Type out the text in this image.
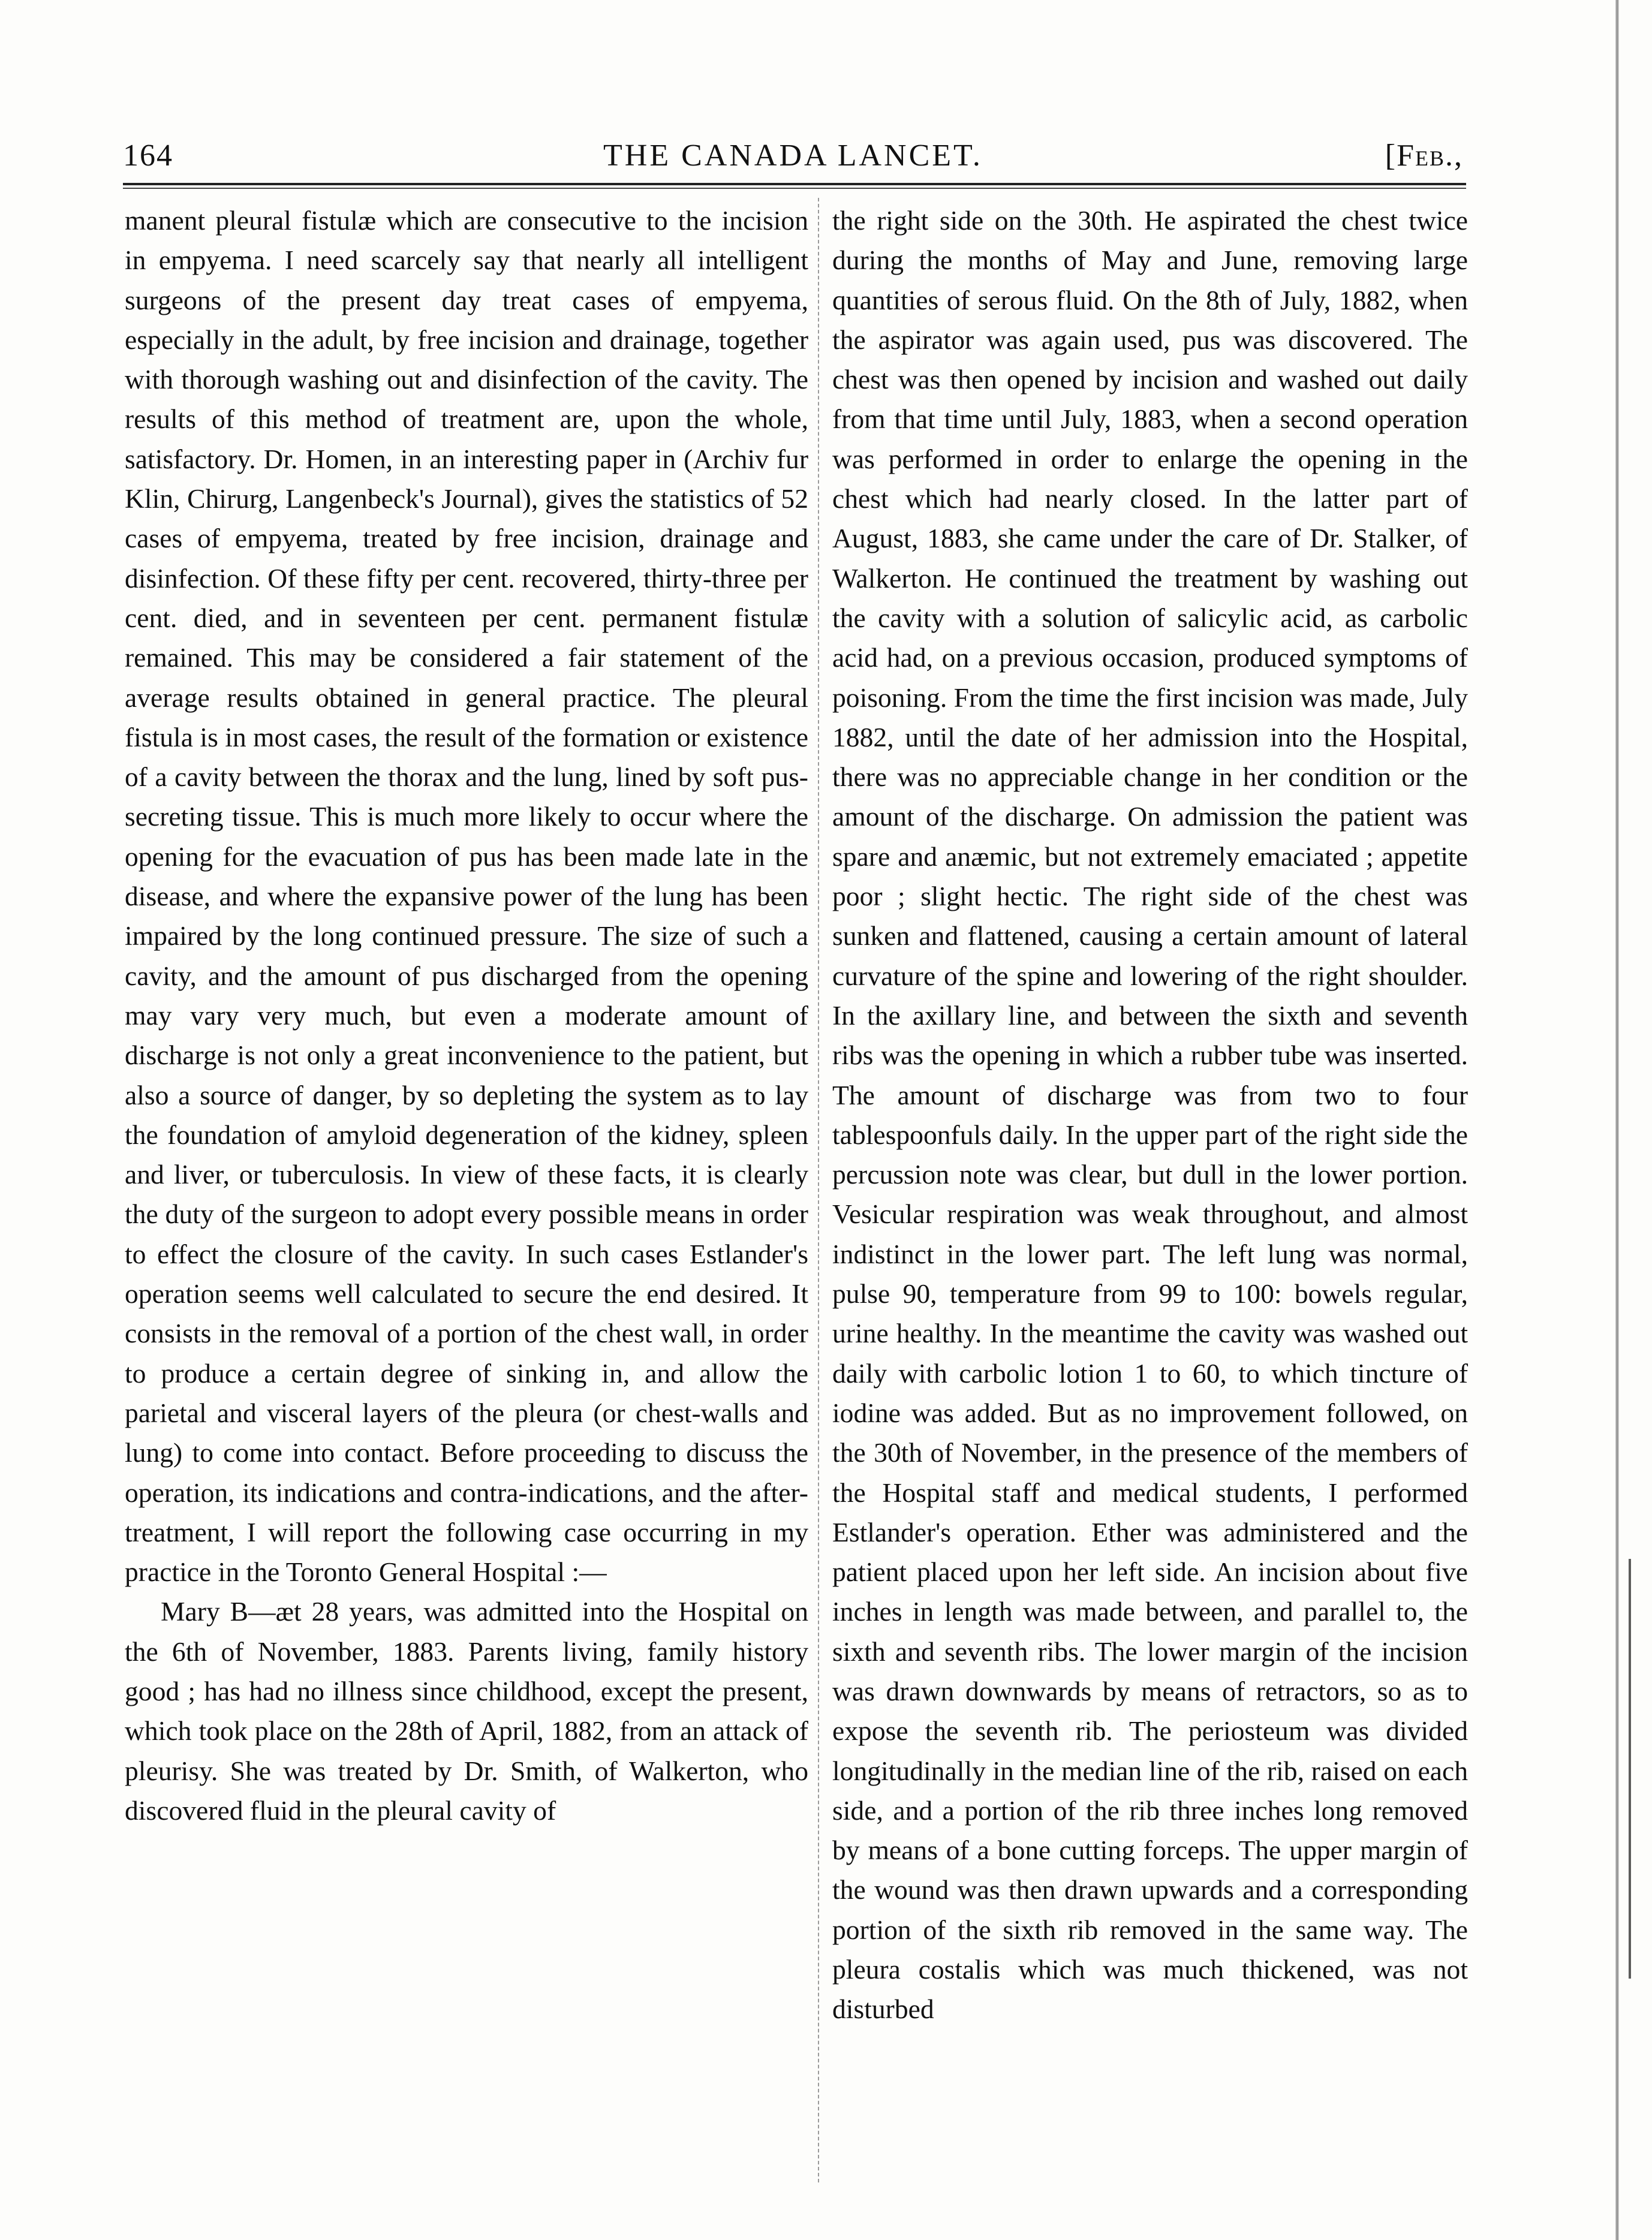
164	THE CANADA LANCET.	[Feb.,

manent pleural fistulæ which are consecutive to the incision in empyema. I need scarcely say that nearly all intelligent surgeons of the present day treat cases of empyema, especially in the adult, by free incision and drainage, together with thorough washing out and disinfection of the cavity. The results of this method of treatment are, upon the whole, satisfactory. Dr. Homen, in an interesting paper in (Archiv fur Klin, Chirurg, Langenbeck's Journal), gives the statistics of 52 cases of empyema, treated by free incision, drainage and disinfection. Of these fifty per cent. recovered, thirty-three per cent. died, and in seventeen per cent. permanent fistulæ remained. This may be considered a fair statement of the average results obtained in general practice. The pleural fistula is in most cases, the result of the formation or existence of a cavity between the thorax and the lung, lined by soft pus-secreting tissue. This is much more likely to occur where the opening for the evacuation of pus has been made late in the disease, and where the expansive power of the lung has been impaired by the long continued pressure. The size of such a cavity, and the amount of pus discharged from the opening may vary very much, but even a moderate amount of discharge is not only a great inconvenience to the patient, but also a source of danger, by so depleting the system as to lay the foundation of amyloid degeneration of the kidney, spleen and liver, or tuberculosis. In view of these facts, it is clearly the duty of the surgeon to adopt every possible means in order to effect the closure of the cavity. In such cases Estlander's operation seems well calculated to secure the end desired. It consists in the removal of a portion of the chest wall, in order to produce a certain degree of sinking in, and allow the parietal and visceral layers of the pleura (or chest-walls and lung) to come into contact. Before proceeding to discuss the operation, its indications and contra-indications, and the after-treatment, I will report the following case occurring in my practice in the Toronto General Hospital :—

Mary B—æt 28 years, was admitted into the Hospital on the 6th of November, 1883. Parents living, family history good ; has had no illness since childhood, except the present, which took place on the 28th of April, 1882, from an attack of pleurisy. She was treated by Dr. Smith, of Walkerton, who discovered fluid in the pleural cavity of

the right side on the 30th. He aspirated the chest twice during the months of May and June, removing large quantities of serous fluid. On the 8th of July, 1882, when the aspirator was again used, pus was discovered. The chest was then opened by incision and washed out daily from that time until July, 1883, when a second operation was performed in order to enlarge the opening in the chest which had nearly closed. In the latter part of August, 1883, she came under the care of Dr. Stalker, of Walkerton. He continued the treatment by washing out the cavity with a solution of salicylic acid, as carbolic acid had, on a previous occasion, produced symptoms of poisoning. From the time the first incision was made, July 1882, until the date of her admission into the Hospital, there was no appreciable change in her condition or the amount of the discharge. On admission the patient was spare and anæmic, but not extremely emaciated ; appetite poor ; slight hectic. The right side of the chest was sunken and flattened, causing a certain amount of lateral curvature of the spine and lowering of the right shoulder. In the axillary line, and between the sixth and seventh ribs was the opening in which a rubber tube was inserted. The amount of discharge was from two to four tablespoonfuls daily. In the upper part of the right side the percussion note was clear, but dull in the lower portion. Vesicular respiration was weak throughout, and almost indistinct in the lower part. The left lung was normal, pulse 90, temperature from 99 to 100: bowels regular, urine healthy. In the meantime the cavity was washed out daily with carbolic lotion 1 to 60, to which tincture of iodine was added. But as no improvement followed, on the 30th of November, in the presence of the members of the Hospital staff and medical students, I performed Estlander's operation. Ether was administered and the patient placed upon her left side. An incision about five inches in length was made between, and parallel to, the sixth and seventh ribs. The lower margin of the incision was drawn downwards by means of retractors, so as to expose the seventh rib. The periosteum was divided longitudinally in the median line of the rib, raised on each side, and a portion of the rib three inches long removed by means of a bone cutting forceps. The upper margin of the wound was then drawn upwards and a corresponding portion of the sixth rib removed in the same way. The pleura costalis which was much thickened, was not disturbed
